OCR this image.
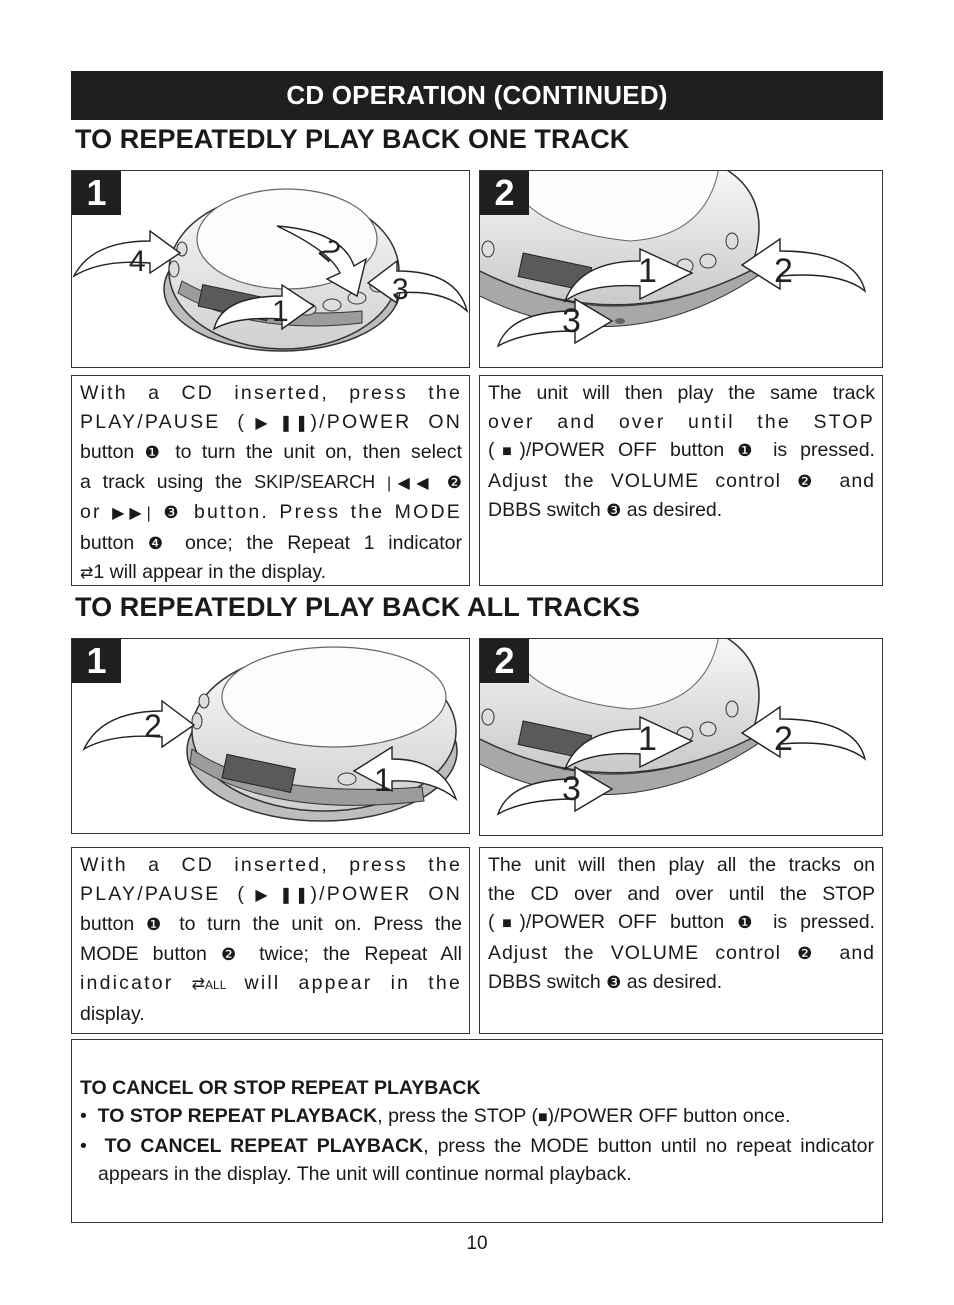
CD OPERATION (CONTINUED)
TO REPEATEDLY PLAY BACK ONE TRACK
4	2
3
1
1
1	2
3
2
With a CD inserted, press the
PLAY/PAUSE (▶❚❚)/POWER ON
button ❶ to turn the unit on, then select
a track using the SKIP/SEARCH |◀◀ ❷
or ▶▶| ❸ button. Press the MODE
button ❹ once; the Repeat 1 indicator
⇄1 will appear in the display.
The unit will then play the same track
over and over until the STOP
(■)/POWER OFF button ❶ is pressed.
Adjust the VOLUME control ❷ and
DBBS switch ❸ as desired.
TO REPEATEDLY PLAY BACK ALL TRACKS
2
1
1
1	2
3
2
With a CD inserted, press the
PLAY/PAUSE (▶❚❚)/POWER ON
button ❶ to turn the unit on. Press the
MODE button ❷ twice; the Repeat All
indicator ⇄ALL will appear in the
display.
The unit will then play all the tracks on
the CD over and over until the STOP
(■)/POWER OFF button ❶ is pressed.
Adjust the VOLUME control ❷ and
DBBS switch ❸ as desired.
TO CANCEL OR STOP REPEAT PLAYBACK
•  TO STOP REPEAT PLAYBACK, press the STOP (■)/POWER OFF button once.
•  TO CANCEL REPEAT PLAYBACK, press the MODE button until no repeat indicator appears in the display. The unit will continue normal playback.
10
